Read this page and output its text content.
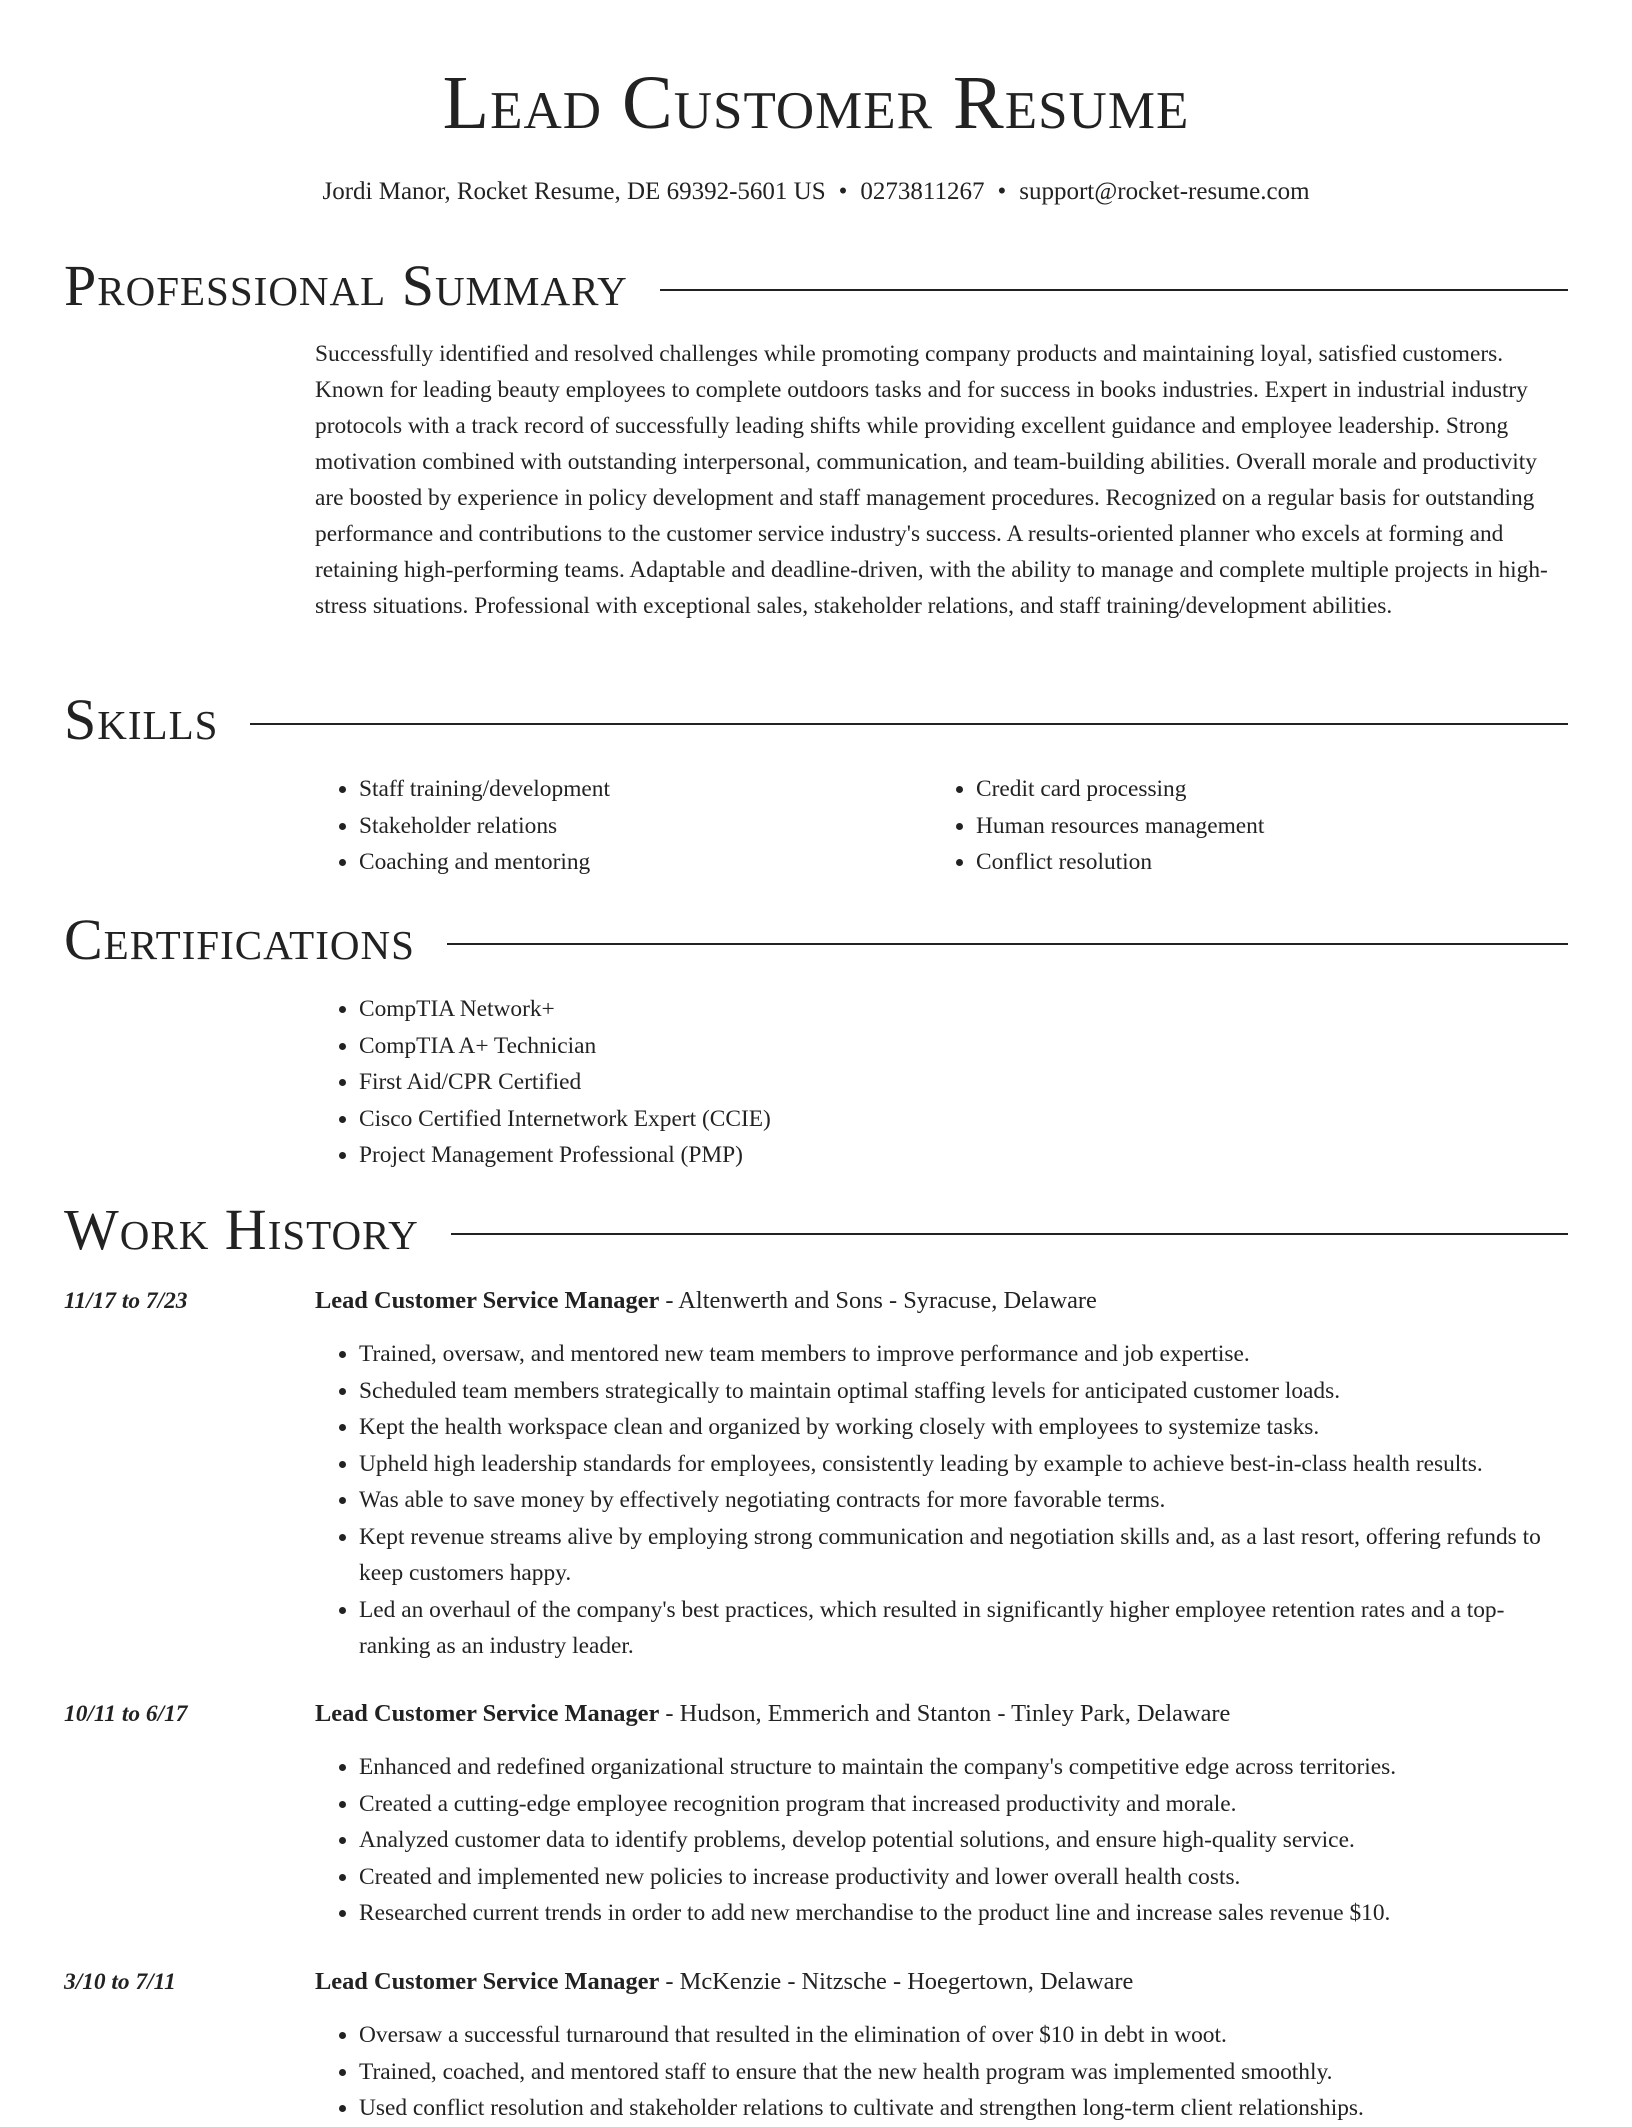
Lead Customer Resume
Jordi Manor, Rocket Resume, DE 69392-5601 US • 0273811267 • support@rocket-resume.com
Professional Summary

Successfully identified and resolved challenges while promoting company products and maintaining loyal, satisfied customers. Known for leading beauty employees to complete outdoors tasks and for success in books industries. Expert in industrial industry protocols with a track record of successfully leading shifts while providing excellent guidance and employee leadership. Strong motivation combined with outstanding interpersonal, communication, and team-building abilities. Overall morale and productivity are boosted by experience in policy development and staff management procedures. Recognized on a regular basis for outstanding performance and contributions to the customer service industry's success. A results-oriented planner who excels at forming and retaining high-performing teams. Adaptable and deadline-driven, with the ability to manage and complete multiple projects in high-stress situations. Professional with exceptional sales, stakeholder relations, and staff training/development abilities.

Skills
• Staff training/development
• Stakeholder relations
• Coaching and mentoring
• Credit card processing
• Human resources management
• Conflict resolution
Certifications
• CompTIA Network+
• CompTIA A+ Technician
• First Aid/CPR Certified
• Cisco Certified Internetwork Expert (CCIE)
• Project Management Professional (PMP)
Work History
11/17 to 7/23	Lead Customer Service Manager - Altenwerth and Sons - Syracuse, Delaware
• Trained, oversaw, and mentored new team members to improve performance and job expertise.
• Scheduled team members strategically to maintain optimal staffing levels for anticipated customer loads.
• Kept the health workspace clean and organized by working closely with employees to systemize tasks.
• Upheld high leadership standards for employees, consistently leading by example to achieve best-in-class health results.
• Was able to save money by effectively negotiating contracts for more favorable terms.
• Kept revenue streams alive by employing strong communication and negotiation skills and, as a last resort, offering refunds to keep customers happy.
• Led an overhaul of the company's best practices, which resulted in significantly higher employee retention rates and a top-ranking as an industry leader.
10/11 to 6/17	Lead Customer Service Manager - Hudson, Emmerich and Stanton - Tinley Park, Delaware
• Enhanced and redefined organizational structure to maintain the company's competitive edge across territories.
• Created a cutting-edge employee recognition program that increased productivity and morale.
• Analyzed customer data to identify problems, develop potential solutions, and ensure high-quality service.
• Created and implemented new policies to increase productivity and lower overall health costs.
• Researched current trends in order to add new merchandise to the product line and increase sales revenue $10.
3/10 to 7/11	Lead Customer Service Manager - McKenzie - Nitzsche - Hoegertown, Delaware
• Oversaw a successful turnaround that resulted in the elimination of over $10 in debt in woot.
• Trained, coached, and mentored staff to ensure that the new health program was implemented smoothly.
• Used conflict resolution and stakeholder relations to cultivate and strengthen long-term client relationships.
